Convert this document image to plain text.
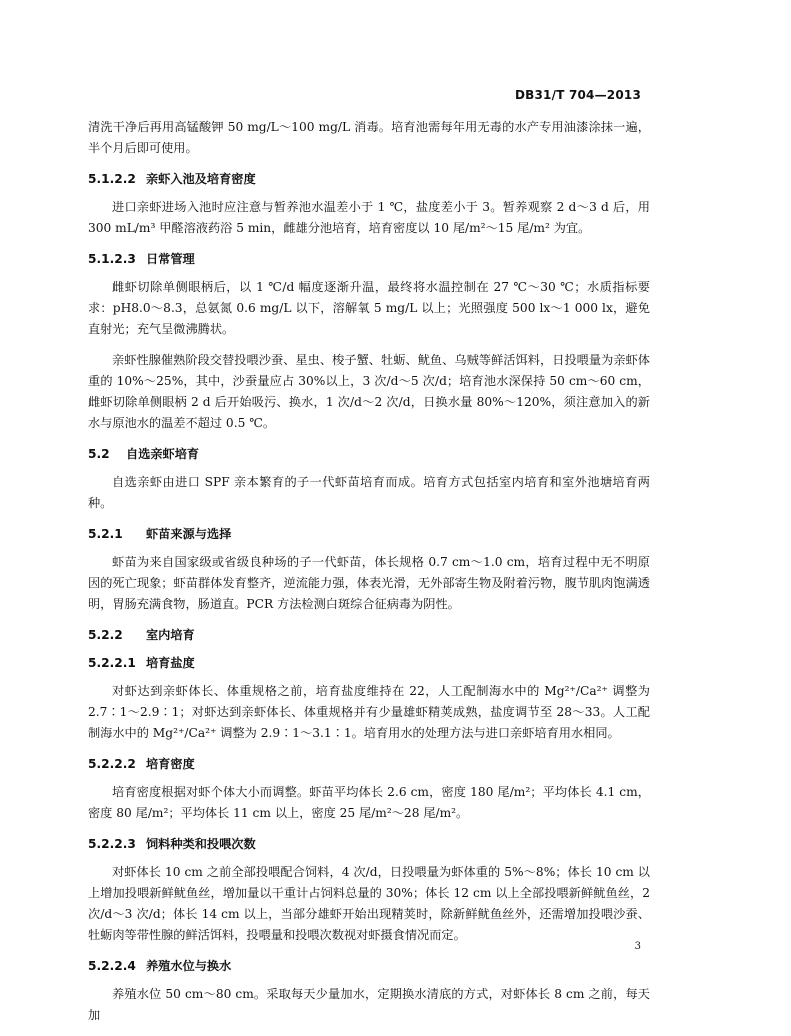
DB31/T 704—2013

清洗干净后再用高锰酸钾 50 mg/L～100 mg/L 消毒。培育池需每年用无毒的水产专用油漆涂抹一遍，半个月后即可使用。

5.1.2.2 亲虾入池及培育密度

进口亲虾进场入池时应注意与暂养池水温差小于 1 ℃，盐度差小于 3。暂养观察 2 d～3 d 后，用 300 mL/m³ 甲醛溶液药浴 5 min，雌雄分池培育，培育密度以 10 尾/m²～15 尾/m² 为宜。

5.1.2.3 日常管理

雌虾切除单侧眼柄后，以 1 ℃/d 幅度逐渐升温，最终将水温控制在 27 ℃～30 ℃；水质指标要求：pH8.0～8.3，总氨氮 0.6 mg/L 以下，溶解氧 5 mg/L 以上；光照强度 500 lx～1 000 lx，避免直射光；充气呈微沸腾状。

亲虾性腺催熟阶段交替投喂沙蚕、星虫、梭子蟹、牡蛎、鱿鱼、乌贼等鲜活饵料，日投喂量为亲虾体重的 10%～25%，其中，沙蚕量应占 30%以上，3 次/d～5 次/d；培育池水深保持 50 cm～60 cm，雌虾切除单侧眼柄 2 d 后开始吸污、换水，1 次/d～2 次/d，日换水量 80%～120%，须注意加入的新水与原池水的温差不超过 0.5 ℃。

5.2 自选亲虾培育

自选亲虾由进口 SPF 亲本繁育的子一代虾苗培育而成。培育方式包括室内培育和室外池塘培育两种。

5.2.1 虾苗来源与选择

虾苗为来自国家级或省级良种场的子一代虾苗，体长规格 0.7 cm～1.0 cm，培育过程中无不明原因的死亡现象；虾苗群体发育整齐，逆流能力强，体表光滑，无外部寄生物及附着污物，腹节肌肉饱满透明，胃肠充满食物，肠道直。PCR 方法检测白斑综合征病毒为阴性。

5.2.2 室内培育
5.2.2.1 培育盐度

对虾达到亲虾体长、体重规格之前，培育盐度维持在 22，人工配制海水中的 Mg²⁺/Ca²⁺ 调整为 2.7∶1～2.9∶1；对虾达到亲虾体长、体重规格并有少量雄虾精荚成熟，盐度调节至 28～33。人工配制海水中的 Mg²⁺/Ca²⁺ 调整为 2.9∶1～3.1∶1。培育用水的处理方法与进口亲虾培育用水相同。

5.2.2.2 培育密度

培育密度根据对虾个体大小而调整。虾苗平均体长 2.6 cm，密度 180 尾/m²；平均体长 4.1 cm，密度 80 尾/m²；平均体长 11 cm 以上，密度 25 尾/m²～28 尾/m²。

5.2.2.3 饲料种类和投喂次数

对虾体长 10 cm 之前全部投喂配合饲料，4 次/d，日投喂量为虾体重的 5%～8%；体长 10 cm 以上增加投喂新鲜鱿鱼丝，增加量以干重计占饲料总量的 30%；体长 12 cm 以上全部投喂新鲜鱿鱼丝，2 次/d～3 次/d；体长 14 cm 以上，当部分雄虾开始出现精荚时，除新鲜鱿鱼丝外，还需增加投喂沙蚕、牡蛎肉等带性腺的鲜活饵料，投喂量和投喂次数视对虾摄食情况而定。

5.2.2.4 养殖水位与换水

养殖水位 50 cm～80 cm。采取每天少量加水，定期换水清底的方式，对虾体长 8 cm 之前，每天加

3
